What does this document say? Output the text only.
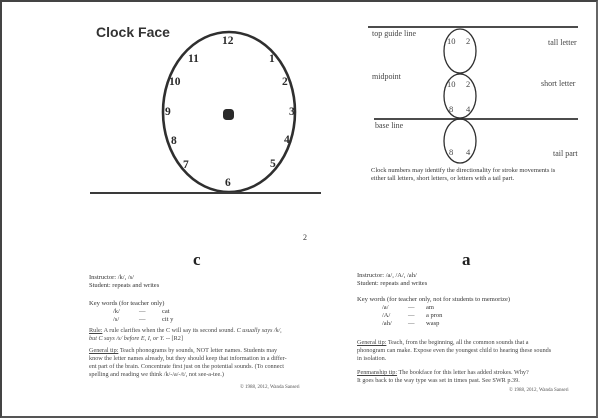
Clock Face
12
1
2
3
4
5
6
7
8
9
10
11
10 2
10 2
8 4
8 4
top guide line
midpoint
base line
tall letter
short letter
tail part
Clock numbers may identify the directionality for stroke movements is
either tall letters, short letters, or letters with a tail part.
2
c
Instructor: /k/, /s/
Student: repeats and writes
Key words (for teacher only)
/k/	—	cat
/s/	—	cit y
Rule: A rule clarifies when the C will say its second sound. C usually says /k/,
but C says /s/ before E, I, or Y. -- [R2]
General tip: Teach phonograms by sounds, NOT letter names. Students may
know the letter names already, but they should keep that information in a differ-
ent part of the brain. Concentrate first just on the potential sounds. (To connect
spelling and reading we think /k/-/a/-/t/, not see-a-tee.)
© 1988, 2012, Wanda Sanseri
a
Instructor: /a/, /A/, /ah/
Student: repeats and writes
Key words (for teacher only, not for students to memorize)
/a/	— am
/A/	— a pron
/ah/	— wasp
General tip: Teach, from the beginning, all the common sounds that a
phonogram can make. Expose even the youngest child to hearing these sounds
in isolation.
Penmanship tip: The bookface for this letter has added strokes. Why?
It goes back to the way type was set in times past. See SWR p.39.
© 1988, 2012, Wanda Sanseri
